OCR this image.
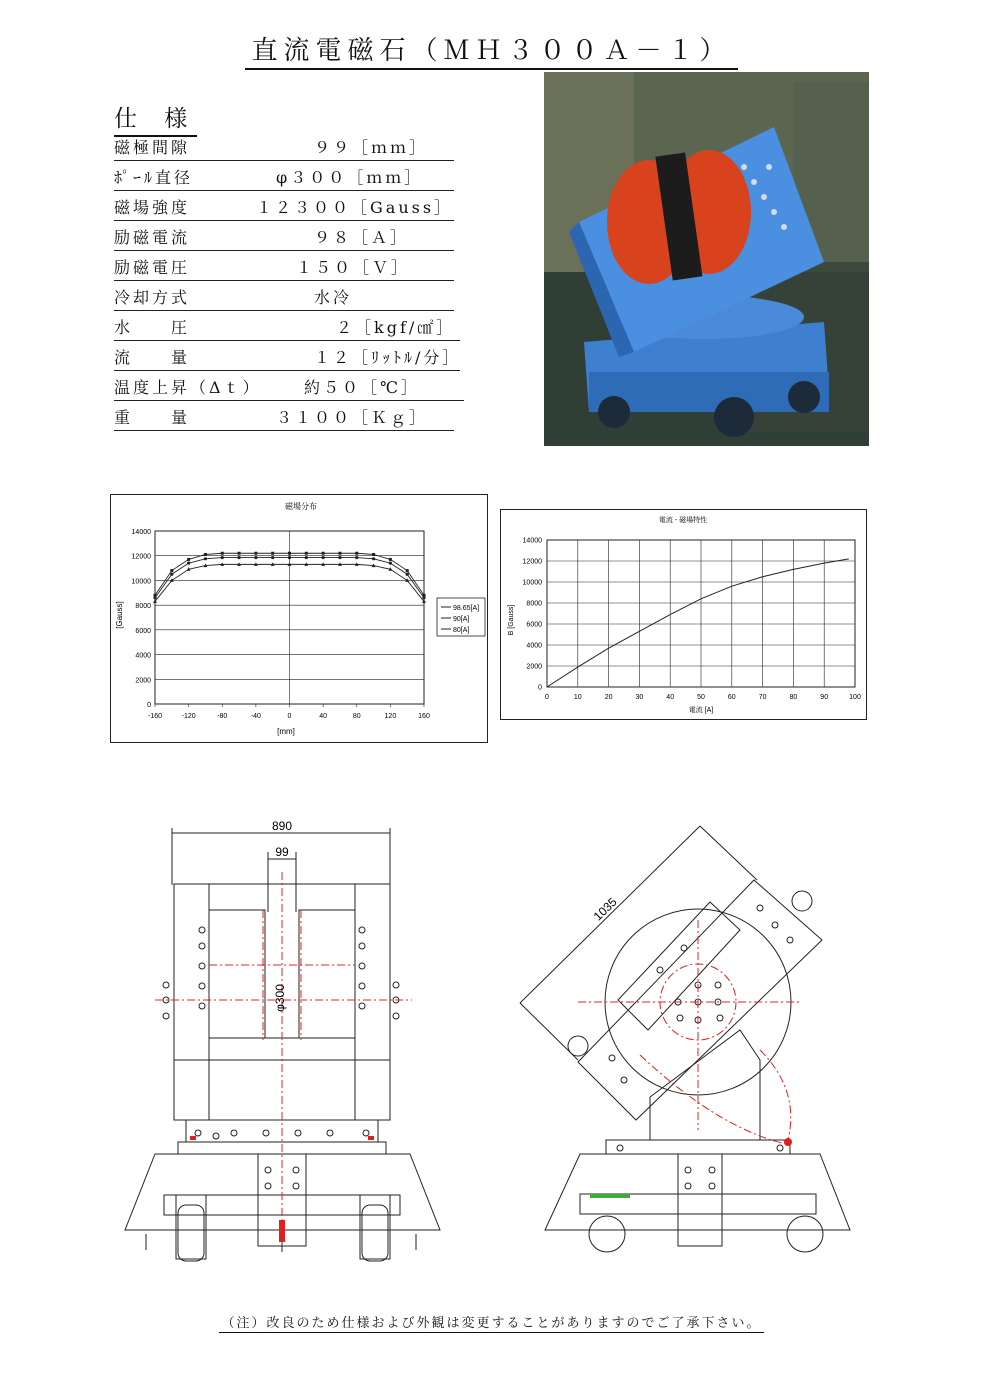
直流電磁石（ＭＨ３００Ａ－１）
仕 様
磁極間隙	９９［ｍｍ］
ﾎﾟｰﾙ直径	φ３００［ｍｍ］
磁場強度	１２３００［Gauss］
励磁電流	９８［Ａ］
励磁電圧	１５０［Ｖ］
冷却方式	水冷
水　　圧	２［kgf/㎠］
流　　量	１２［ﾘｯﾄﾙ/分］
温度上昇（Δｔ）	約５０［℃］
重　　量	３１００［Ｋｇ］
磁場分布
0
2000
4000
6000
8000
10000
12000
14000
-160	-120	-80	-40	0	40	80	120	160
[mm]
[Gauss]	98.65[A]
90[A]
80[A]
電流 - 磁場特性
0
2000
4000
6000
8000
10000
12000
14000
0	10	20	30	40	50	60	70	80	90	100
電流 [A]
B [Gauss]
890
99
φ300
1035
（注）改良のため仕様および外観は変更することがありますのでご了承下さい。
